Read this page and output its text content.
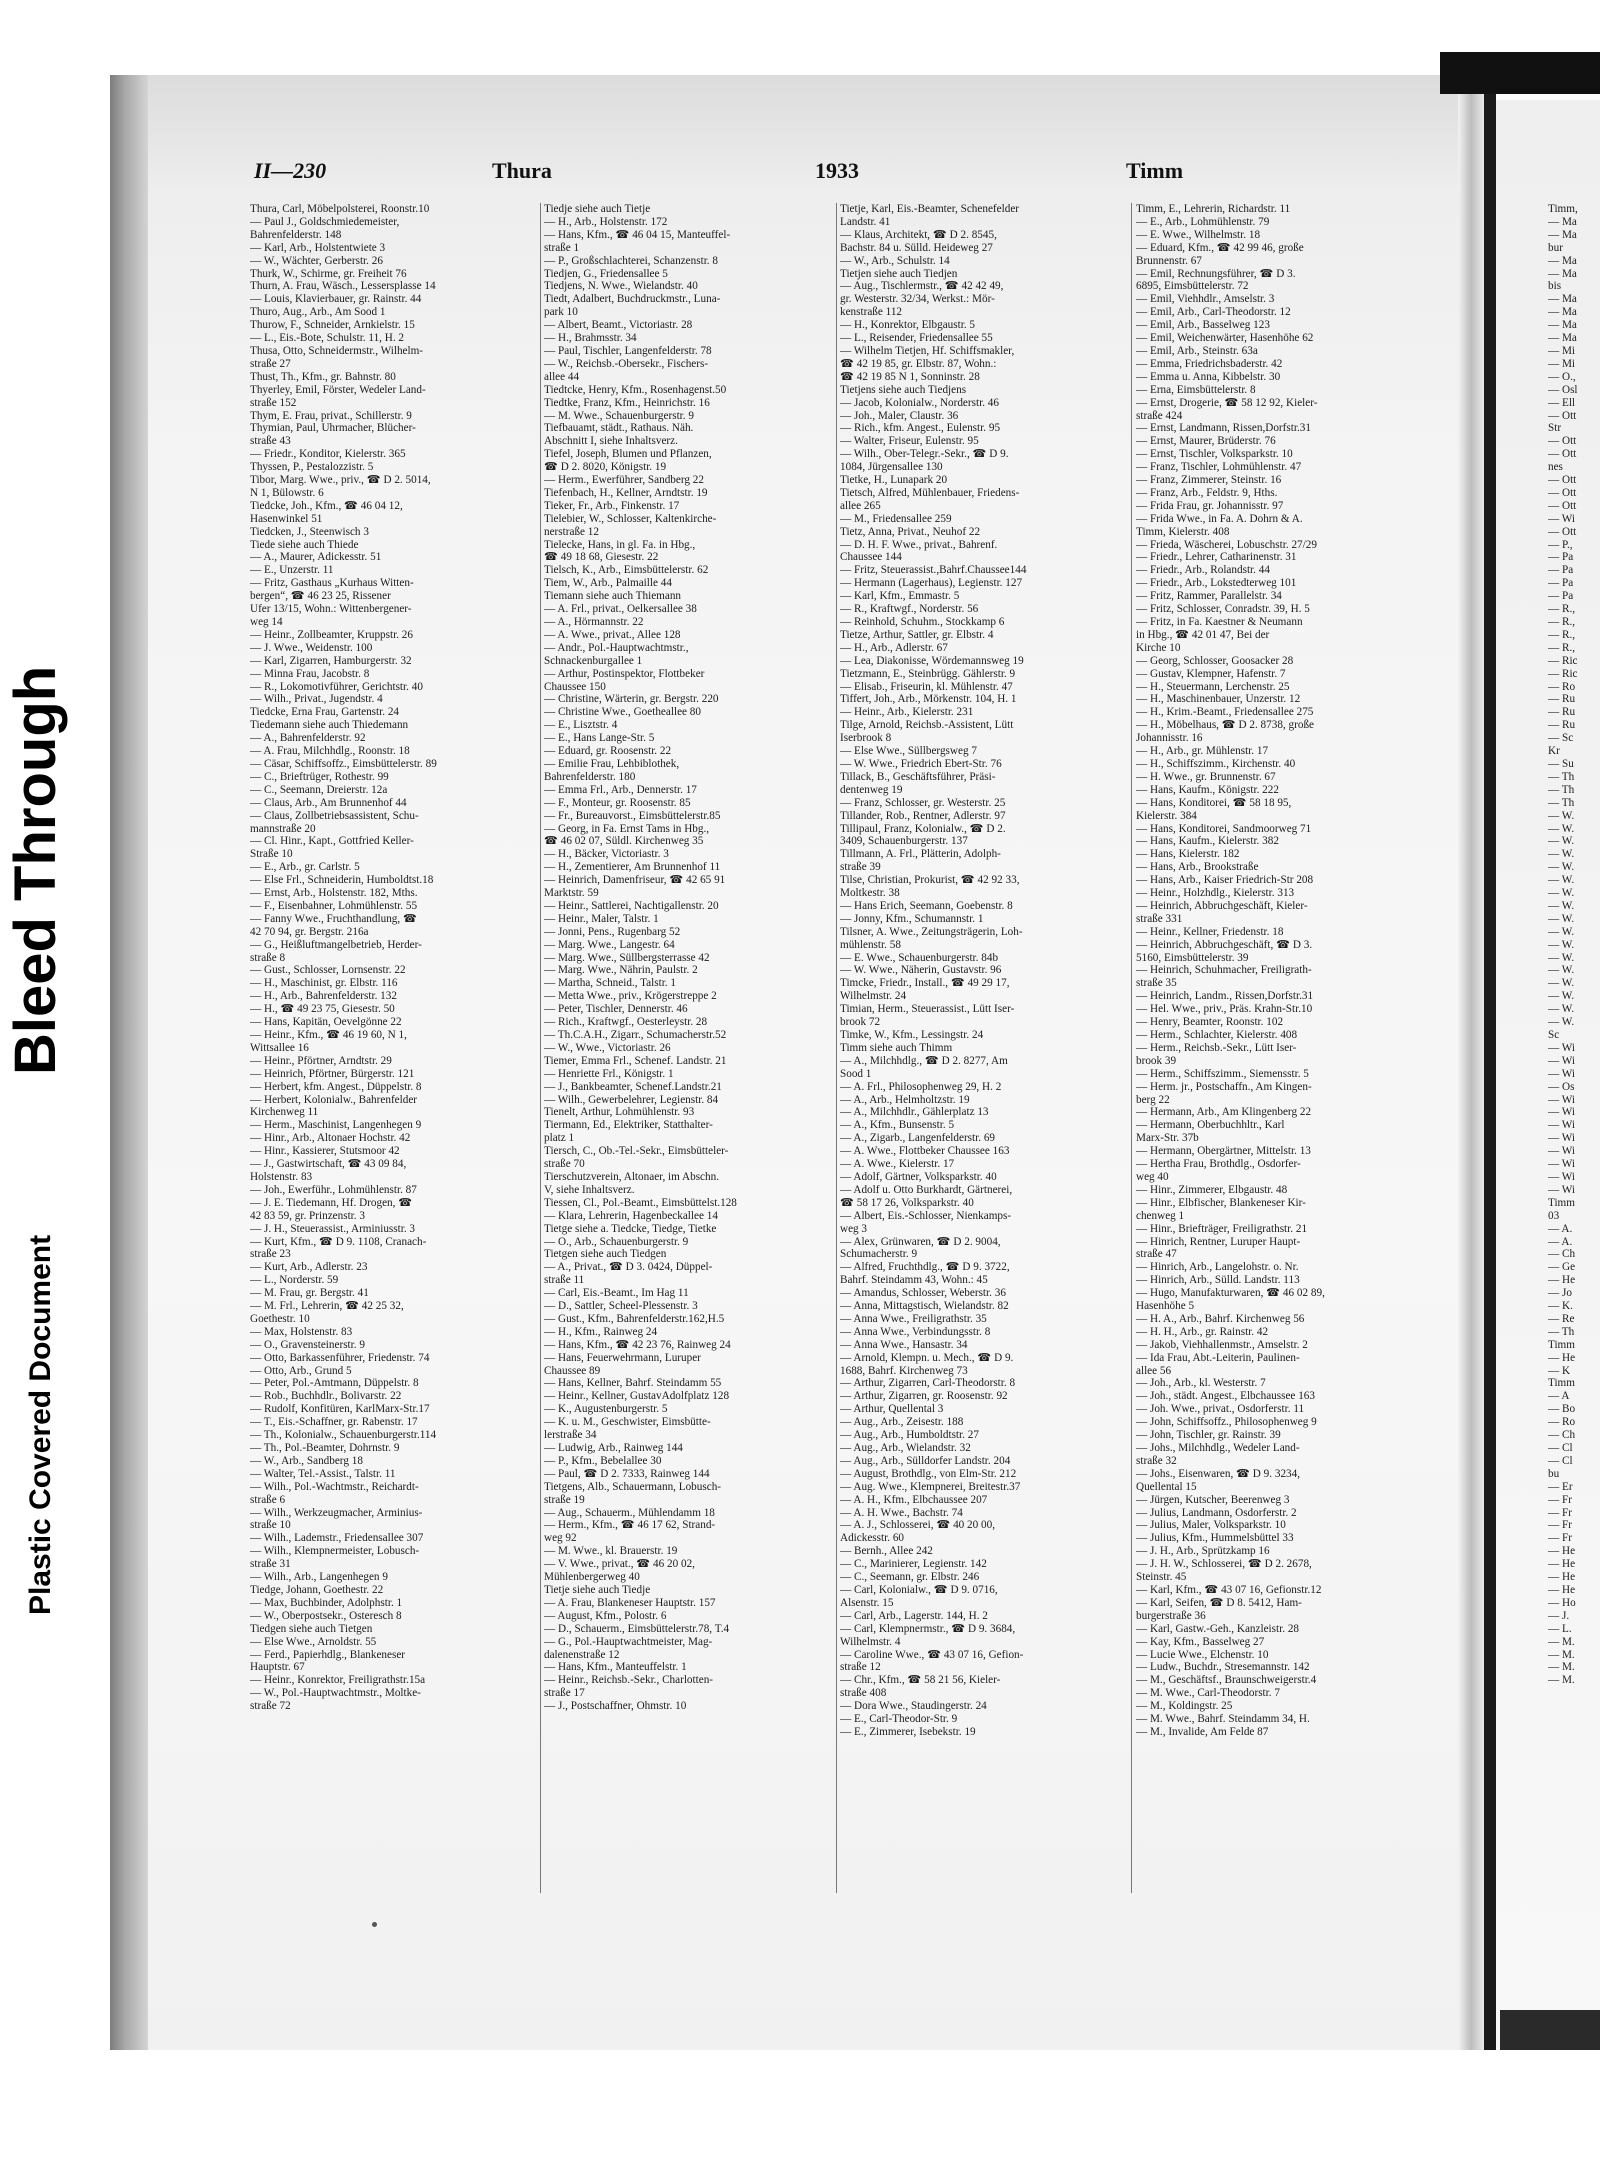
Bleed Through
Plastic Covered Document
II—230	Thura	1933	Timm
Thura, Carl, Möbelpolsterei, Roonstr.10
— Paul J., Goldschmiedemeister,
Bahrenfelderstr. 148
— Karl, Arb., Holstentwiete 3
— W., Wächter, Gerberstr. 26
Thurk, W., Schirme, gr. Freiheit 76
Thurn, A. Frau, Wäsch., Lessersplasse 14
— Louis, Klavierbauer, gr. Rainstr. 44
Thuro, Aug., Arb., Am Sood 1
Thurow, F., Schneider, Arnkielstr. 15
— L., Eis.-Bote, Schulstr. 11, H. 2
Thusa, Otto, Schneidermstr., Wilhelm-
straße 27
Thust, Th., Kfm., gr. Bahnstr. 80
Thyerley, Emil, Förster, Wedeler Land-
straße 152
Thym, E. Frau, privat., Schillerstr. 9
Thymian, Paul, Uhrmacher, Blücher-
straße 43
— Friedr., Konditor, Kielerstr. 365
Thyssen, P., Pestalozzistr. 5
Tibor, Marg. Wwe., priv., ☎ D 2. 5014,
N 1, Bülowstr. 6
Tiedcke, Joh., Kfm., ☎ 46 04 12,
Hasenwinkel 51
Tiedcken, J., Steenwisch 3
Tiede siehe auch Thiede
— A., Maurer, Adickesstr. 51
— E., Unzerstr. 11
— Fritz, Gasthaus „Kurhaus Witten-
bergen“, ☎ 46 23 25, Rissener
Ufer 13/15, Wohn.: Wittenbergener-
weg 14
— Heinr., Zollbeamter, Kruppstr. 26
— J. Wwe., Weidenstr. 100
— Karl, Zigarren, Hamburgerstr. 32
— Minna Frau, Jacobstr. 8
— R., Lokomotivführer, Gerichtstr. 40
— Wilh., Privat., Jugendstr. 4
Tiedcke, Erna Frau, Gartenstr. 24
Tiedemann siehe auch Thiedemann
— A., Bahrenfelderstr. 92
— A. Frau, Milchhdlg., Roonstr. 18
— Cäsar, Schiffsoffz., Eimsbüttelerstr. 89
— C., Brieftrüger, Rothestr. 99
— C., Seemann, Dreierstr. 12a
— Claus, Arb., Am Brunnenhof 44
— Claus, Zollbetriebsassistent, Schu-
mannstraße 20
— Cl. Hinr., Kapt., Gottfried Keller-
Straße 10
— E., Arb., gr. Carlstr. 5
— Else Frl., Schneiderin, Humboldtst.18
— Ernst, Arb., Holstenstr. 182, Mths.
— F., Eisenbahner, Lohmühlenstr. 55
— Fanny Wwe., Fruchthandlung, ☎
42 70 94, gr. Bergstr. 216a
— G., Heißluftmangelbetrieb, Herder-
straße 8
— Gust., Schlosser, Lornsenstr. 22
— H., Maschinist, gr. Elbstr. 116
— H., Arb., Bahrenfelderstr. 132
— H., ☎ 49 23 75, Giesestr. 50
— Hans, Kapitän, Oevelgönne 22
— Heinr., Kfm., ☎ 46 19 60, N 1,
Wittsallee 16
— Heinr., Pförtner, Arndtstr. 29
— Heinrich, Pförtner, Bürgerstr. 121
— Herbert, kfm. Angest., Düppelstr. 8
— Herbert, Kolonialw., Bahrenfelder
Kirchenweg 11
— Herm., Maschinist, Langenhegen 9
— Hinr., Arb., Altonaer Hochstr. 42
— Hinr., Kassierer, Stutsmoor 42
— J., Gastwirtschaft, ☎ 43 09 84,
Holstenstr. 83
— Joh., Ewerführ., Lohmühlenstr. 87
— J. E. Tiedemann, Hf. Drogen, ☎
42 83 59, gr. Prinzenstr. 3
— J. H., Steuerassist., Arminiusstr. 3
— Kurt, Kfm., ☎ D 9. 1108, Cranach-
straße 23
— Kurt, Arb., Adlerstr. 23
— L., Norderstr. 59
— M. Frau, gr. Bergstr. 41
— M. Frl., Lehrerin, ☎ 42 25 32,
Goethestr. 10
— Max, Holstenstr. 83
— O., Gravensteinerstr. 9
— Otto, Barkassenführer, Friedenstr. 74
— Otto, Arb., Grund 5
— Peter, Pol.-Amtmann, Düppelstr. 8
— Rob., Buchhdlr., Bolivarstr. 22
— Rudolf, Konfitüren, KarlMarx-Str.17
— T., Eis.-Schaffner, gr. Rabenstr. 17
— Th., Kolonialw., Schauenburgerstr.114
— Th., Pol.-Beamter, Dohrnstr. 9
— W., Arb., Sandberg 18
— Walter, Tel.-Assist., Talstr. 11
— Wilh., Pol.-Wachtmstr., Reichardt-
straße 6
— Wilh., Werkzeugmacher, Arminius-
straße 10
— Wilh., Lademstr., Friedensallee 307
— Wilh., Klempnermeister, Lobusch-
straße 31
— Wilh., Arb., Langenhegen 9
Tiedge, Johann, Goethestr. 22
— Max, Buchbinder, Adolphstr. 1
— W., Oberpostsekr., Osteresch 8
Tiedgen siehe auch Tietgen
— Else Wwe., Arnoldstr. 55
— Ferd., Papierhdlg., Blankeneser
Hauptstr. 67
— Heinr., Konrektor, Freiligrathstr.15a
— W., Pol.-Hauptwachtmstr., Moltke-
straße 72
Tiedje siehe auch Tietje
— H., Arb., Holstenstr. 172
— Hans, Kfm., ☎ 46 04 15, Manteuffel-
straße 1
— P., Großschlachterei, Schanzenstr. 8
Tiedjen, G., Friedensallee 5
Tiedjens, N. Wwe., Wielandstr. 40
Tiedt, Adalbert, Buchdruckmstr., Luna-
park 10
— Albert, Beamt., Victoriastr. 28
— H., Brahmsstr. 34
— Paul, Tischler, Langenfelderstr. 78
— W., Reichsb.-Obersekr., Fischers-
allee 44
Tiedtcke, Henry, Kfm., Rosenhagenst.50
Tiedtke, Franz, Kfm., Heinrichstr. 16
— M. Wwe., Schauenburgerstr. 9
Tiefbauamt, städt., Rathaus. Näh.
Abschnitt I, siehe Inhaltsverz.
Tiefel, Joseph, Blumen und Pflanzen,
☎ D 2. 8020, Königstr. 19
— Herm., Ewerführer, Sandberg 22
Tiefenbach, H., Kellner, Arndtstr. 19
Tieker, Fr., Arb., Finkenstr. 17
Tielebier, W., Schlosser, Kaltenkirche-
nerstraße 12
Tielecke, Hans, in gl. Fa. in Hbg.,
☎ 49 18 68, Giesestr. 22
Tielsch, K., Arb., Eimsbüttelerstr. 62
Tiem, W., Arb., Palmaille 44
Tiemann siehe auch Thiemann
— A. Frl., privat., Oelkersallee 38
— A., Hörmannstr. 22
— A. Wwe., privat., Allee 128
— Andr., Pol.-Hauptwachtmstr.,
Schnackenburgallee 1
— Arthur, Postinspektor, Flottbeker
Chaussee 150
— Christine, Wärterin, gr. Bergstr. 220
— Christine Wwe., Goetheallee 80
— E., Lisztstr. 4
— E., Hans Lange-Str. 5
— Eduard, gr. Roosenstr. 22
— Emilie Frau, Lehbiblothek,
Bahrenfelderstr. 180
— Emma Frl., Arb., Dennerstr. 17
— F., Monteur, gr. Roosenstr. 85
— Fr., Bureauvorst., Eimsbüttelerstr.85
— Georg, in Fa. Ernst Tams in Hbg.,
☎ 46 02 07, Süldl. Kirchenweg 35
— H., Bäcker, Victoriastr. 3
— H., Zementierer, Am Brunnenhof 11
— Heinrich, Damenfriseur, ☎ 42 65 91
Marktstr. 59
— Heinr., Sattlerei, Nachtigallenstr. 20
— Heinr., Maler, Talstr. 1
— Jonni, Pens., Rugenbarg 52
— Marg. Wwe., Langestr. 64
— Marg. Wwe., Süllbergsterrasse 42
— Marg. Wwe., Nährin, Paulstr. 2
— Martha, Schneid., Talstr. 1
— Metta Wwe., priv., Krögerstreppe 2
— Peter, Tischler, Dennerstr. 46
— Rich., Kraftwgf., Oesterleystr. 28
— Th.C.A.H., Zigarr., Schumacherstr.52
— W., Wwe., Victoriastr. 26
Tiemer, Emma Frl., Schenef. Landstr. 21
— Henriette Frl., Königstr. 1
— J., Bankbeamter, Schenef.Landstr.21
— Wilh., Gewerbelehrer, Legienstr. 84
Tienelt, Arthur, Lohmühlenstr. 93
Tiermann, Ed., Elektriker, Statthalter-
platz 1
Tiersch, C., Ob.-Tel.-Sekr., Eimsbütteler-
straße 70
Tierschutzverein, Altonaer, im Abschn.
V, siehe Inhaltsverz.
Tiessen, Cl., Pol.-Beamt., Eimsbüttelst.128
— Klara, Lehrerin, Hagenbeckallee 14
Tietge siehe a. Tiedcke, Tiedge, Tietke
— O., Arb., Schauenburgerstr. 9
Tietgen siehe auch Tiedgen
— A., Privat., ☎ D 3. 0424, Düppel-
straße 11
— Carl, Eis.-Beamt., Im Hag 11
— D., Sattler, Scheel-Plessenstr. 3
— Gust., Kfm., Bahrenfelderstr.162,H.5
— H., Kfm., Rainweg 24
— Hans, Kfm., ☎ 42 23 76, Rainweg 24
— Hans, Feuerwehrmann, Luruper
Chaussee 89
— Hans, Kellner, Bahrf. Steindamm 55
— Heinr., Kellner, GustavAdolfplatz 128
— K., Augustenburgerstr. 5
— K. u. M., Geschwister, Eimsbütte-
lerstraße 34
— Ludwig, Arb., Rainweg 144
— P., Kfm., Bebelallee 30
— Paul, ☎ D 2. 7333, Rainweg 144
Tietgens, Alb., Schauermann, Lobusch-
straße 19
— Aug., Schauerm., Mühlendamm 18
— Herm., Kfm., ☎ 46 17 62, Strand-
weg 92
— M. Wwe., kl. Brauerstr. 19
— V. Wwe., privat., ☎ 46 20 02,
Mühlenbergerweg 40
Tietje siehe auch Tiedje
— A. Frau, Blankeneser Hauptstr. 157
— August, Kfm., Polostr. 6
— D., Schauerm., Eimsbüttelerstr.78, T.4
— G., Pol.-Hauptwachtmeister, Mag-
dalenenstraße 12
— Hans, Kfm., Manteuffelstr. 1
— Heinr., Reichsb.-Sekr., Charlotten-
straße 17
— J., Postschaffner, Ohmstr. 10
Tietje, Karl, Eis.-Beamter, Schenefelder
Landstr. 41
— Klaus, Architekt, ☎ D 2. 8545,
Bachstr. 84 u. Sülld. Heideweg 27
— W., Arb., Schulstr. 14
Tietjen siehe auch Tiedjen
— Aug., Tischlermstr., ☎ 42 42 49,
gr. Westerstr. 32/34, Werkst.: Mör-
kenstraße 112
— H., Konrektor, Elbgaustr. 5
— L., Reisender, Friedensallee 55
— Wilhelm Tietjen, Hf. Schiffsmakler,
☎ 42 19 85, gr. Elbstr. 87, Wohn.:
☎ 42 19 85 N 1, Sonninstr. 28
Tietjens siehe auch Tiedjens
— Jacob, Kolonialw., Norderstr. 46
— Joh., Maler, Claustr. 36
— Rich., kfm. Angest., Eulenstr. 95
— Walter, Friseur, Eulenstr. 95
— Wilh., Ober-Telegr.-Sekr., ☎ D 9.
1084, Jürgensallee 130
Tietke, H., Lunapark 20
Tietsch, Alfred, Mühlenbauer, Friedens-
allee 265
— M., Friedensallee 259
Tietz, Anna, Privat., Neuhof 22
— D. H. F. Wwe., privat., Bahrenf.
Chaussee 144
— Fritz, Steuerassist.,Bahrf.Chaussee144
— Hermann (Lagerhaus), Legienstr. 127
— Karl, Kfm., Emmastr. 5
— R., Kraftwgf., Norderstr. 56
— Reinhold, Schuhm., Stockkamp 6
Tietze, Arthur, Sattler, gr. Elbstr. 4
— H., Arb., Adlerstr. 67
— Lea, Diakonisse, Wördemannsweg 19
Tietzmann, E., Steinbrügg. Gählerstr. 9
— Elisab., Friseurin, kl. Mühlenstr. 47
Tiffert, Joh., Arb., Mörkenstr. 104, H. 1
— Heinr., Arb., Kielerstr. 231
Tilge, Arnold, Reichsb.-Assistent, Lütt
Iserbrook 8
— Else Wwe., Süllbergsweg 7
— W. Wwe., Friedrich Ebert-Str. 76
Tillack, B., Geschäftsführer, Präsi-
dentenweg 19
— Franz, Schlosser, gr. Westerstr. 25
Tillander, Rob., Rentner, Adlerstr. 97
Tillipaul, Franz, Kolonialw., ☎ D 2.
3409, Schauenburgerstr. 137
Tillmann, A. Frl., Plätterin, Adolph-
straße 39
Tilse, Christian, Prokurist, ☎ 42 92 33,
Moltkestr. 38
— Hans Erich, Seemann, Goebenstr. 8
— Jonny, Kfm., Schumannstr. 1
Tilsner, A. Wwe., Zeitungsträgerin, Loh-
mühlenstr. 58
— E. Wwe., Schauenburgerstr. 84b
— W. Wwe., Näherin, Gustavstr. 96
Timcke, Friedr., Install., ☎ 49 29 17,
Wilhelmstr. 24
Timian, Herm., Steuerassist., Lütt Iser-
brook 72
Timke, W., Kfm., Lessingstr. 24
Timm siehe auch Thimm
— A., Milchhdlg., ☎ D 2. 8277, Am
Sood 1
— A. Frl., Philosophenweg 29, H. 2
— A., Arb., Helmholtzstr. 19
— A., Milchhdlr., Gählerplatz 13
— A., Kfm., Bunsenstr. 5
— A., Zigarb., Langenfelderstr. 69
— A. Wwe., Flottbeker Chaussee 163
— A. Wwe., Kielerstr. 17
— Adolf, Gärtner, Volksparkstr. 40
— Adolf u. Otto Burkhardt, Gärtnerei,
☎ 58 17 26, Volksparkstr. 40
— Albert, Eis.-Schlosser, Nienkamps-
weg 3
— Alex, Grünwaren, ☎ D 2. 9004,
Schumacherstr. 9
— Alfred, Fruchthdlg., ☎ D 9. 3722,
Bahrf. Steindamm 43, Wohn.: 45
— Amandus, Schlosser, Weberstr. 36
— Anna, Mittagstisch, Wielandstr. 82
— Anna Wwe., Freiligrathstr. 35
— Anna Wwe., Verbindungsstr. 8
— Anna Wwe., Hansastr. 34
— Arnold, Klempn. u. Mech., ☎ D 9.
1688, Bahrf. Kirchenweg 73
— Arthur, Zigarren, Carl-Theodorstr. 8
— Arthur, Zigarren, gr. Roosenstr. 92
— Arthur, Quellental 3
— Aug., Arb., Zeisestr. 188
— Aug., Arb., Humboldtstr. 27
— Aug., Arb., Wielandstr. 32
— Aug., Arb., Sülldorfer Landstr. 204
— August, Brothdlg., von Elm-Str. 212
— Aug. Wwe., Klempnerei, Breitestr.37
— A. H., Kfm., Elbchaussee 207
— A. H. Wwe., Bachstr. 74
— A. J., Schlosserei, ☎ 40 20 00,
Adickesstr. 60
— Bernh., Allee 242
— C., Marinierer, Legienstr. 142
— C., Seemann, gr. Elbstr. 246
— Carl, Kolonialw., ☎ D 9. 0716,
Alsenstr. 15
— Carl, Arb., Lagerstr. 144, H. 2
— Carl, Klempnermstr., ☎ D 9. 3684,
Wilhelmstr. 4
— Caroline Wwe., ☎ 43 07 16, Gefion-
straße 12
— Chr., Kfm., ☎ 58 21 56, Kieler-
straße 408
— Dora Wwe., Staudingerstr. 24
— E., Carl-Theodor-Str. 9
— E., Zimmerer, Isebekstr. 19
Timm, E., Lehrerin, Richardstr. 11
— E., Arb., Lohmühlenstr. 79
— E. Wwe., Wilhelmstr. 18
— Eduard, Kfm., ☎ 42 99 46, große
Brunnenstr. 67
— Emil, Rechnungsführer, ☎ D 3.
6895, Eimsbüttelerstr. 72
— Emil, Viehhdlr., Amselstr. 3
— Emil, Arb., Carl-Theodorstr. 12
— Emil, Arb., Basselweg 123
— Emil, Weichenwärter, Hasenhöhe 62
— Emil, Arb., Steinstr. 63a
— Emma, Friedrichsbaderstr. 42
— Emma u. Anna, Kibbelstr. 30
— Erna, Eimsbüttelerstr. 8
— Ernst, Drogerie, ☎ 58 12 92, Kieler-
straße 424
— Ernst, Landmann, Rissen,Dorfstr.31
— Ernst, Maurer, Brüderstr. 76
— Ernst, Tischler, Volksparkstr. 10
— Franz, Tischler, Lohmühlenstr. 47
— Franz, Zimmerer, Steinstr. 16
— Franz, Arb., Feldstr. 9, Hths.
— Frida Frau, gr. Johannisstr. 97
— Frida Wwe., in Fa. A. Dohrn & A.
Timm, Kielerstr. 408
— Frieda, Wäscherei, Lobuschstr. 27/29
— Friedr., Lehrer, Catharinenstr. 31
— Friedr., Arb., Rolandstr. 44
— Friedr., Arb., Lokstedterweg 101
— Fritz, Rammer, Parallelstr. 34
— Fritz, Schlosser, Conradstr. 39, H. 5
— Fritz, in Fa. Kaestner & Neumann
in Hbg., ☎ 42 01 47, Bei der
Kirche 10
— Georg, Schlosser, Goosacker 28
— Gustav, Klempner, Hafenstr. 7
— H., Steuermann, Lerchenstr. 25
— H., Maschinenbauer, Unzerstr. 12
— H., Krim.-Beamt., Friedensallee 275
— H., Möbelhaus, ☎ D 2. 8738, große
Johannisstr. 16
— H., Arb., gr. Mühlenstr. 17
— H., Schiffszimm., Kirchenstr. 40
— H. Wwe., gr. Brunnenstr. 67
— Hans, Kaufm., Königstr. 222
— Hans, Konditorei, ☎ 58 18 95,
Kielerstr. 384
— Hans, Konditorei, Sandmoorweg 71
— Hans, Kaufm., Kielerstr. 382
— Hans, Kielerstr. 182
— Hans, Arb., Brookstraße
— Hans, Arb., Kaiser Friedrich-Str 208
— Heinr., Holzhdlg., Kielerstr. 313
— Heinrich, Abbruchgeschäft, Kieler-
straße 331
— Heinr., Kellner, Friedenstr. 18
— Heinrich, Abbruchgeschäft, ☎ D 3.
5160, Eimsbüttelerstr. 39
— Heinrich, Schuhmacher, Freiligrath-
straße 35
— Heinrich, Landm., Rissen,Dorfstr.31
— Hel. Wwe., priv., Präs. Krahn-Str.10
— Henry, Beamter, Roonstr. 102
— Herm., Schlachter, Kielerstr. 408
— Herm., Reichsb.-Sekr., Lütt Iser-
brook 39
— Herm., Schiffszimm., Siemensstr. 5
— Herm. jr., Postschaffn., Am Kingen-
berg 22
— Hermann, Arb., Am Klingenberg 22
— Hermann, Oberbuchhltr., Karl
Marx-Str. 37b
— Hermann, Obergärtner, Mittelstr. 13
— Hertha Frau, Brothdlg., Osdorfer-
weg 40
— Hinr., Zimmerer, Elbgaustr. 48
— Hinr., Elbfischer, Blankeneser Kir-
chenweg 1
— Hinr., Briefträger, Freiligrathstr. 21
— Hinrich, Rentner, Luruper Haupt-
straße 47
— Hinrich, Arb., Langelohstr. o. Nr.
— Hinrich, Arb., Sülld. Landstr. 113
— Hugo, Manufakturwaren, ☎ 46 02 89,
Hasenhöhe 5
— H. A., Arb., Bahrf. Kirchenweg 56
— H. H., Arb., gr. Rainstr. 42
— Jakob, Viehhallenmstr., Amselstr. 2
— Ida Frau, Abt.-Leiterin, Paulinen-
allee 56
— Joh., Arb., kl. Westerstr. 7
— Joh., städt. Angest., Elbchaussee 163
— Joh. Wwe., privat., Osdorferstr. 11
— John, Schiffsoffz., Philosophenweg 9
— John, Tischler, gr. Rainstr. 39
— Johs., Milchhdlg., Wedeler Land-
straße 32
— Johs., Eisenwaren, ☎ D 9. 3234,
Quellental 15
— Jürgen, Kutscher, Beerenweg 3
— Julius, Landmann, Osdorferstr. 2
— Julius, Maler, Volksparkstr. 10
— Julius, Kfm., Hummelsbüttel 33
— J. H., Arb., Sprützkamp 16
— J. H. W., Schlosserei, ☎ D 2. 2678,
Steinstr. 45
— Karl, Kfm., ☎ 43 07 16, Gefionstr.12
— Karl, Seifen, ☎ D 8. 5412, Ham-
burgerstraße 36
— Karl, Gastw.-Geh., Kanzleistr. 28
— Kay, Kfm., Basselweg 27
— Lucie Wwe., Elchenstr. 10
— Ludw., Buchdr., Stresemannstr. 142
— M., Geschäftsf., Braunschweigerstr.4
— M. Wwe., Carl-Theodorstr. 7
— M., Koldingstr. 25
— M. Wwe., Bahrf. Steindamm 34, H.
— M., Invalide, Am Felde 87
Timm,
— Ma
— Ma
bur
— Ma
— Ma
bis
— Ma
— Ma
— Ma
— Ma
— Mi
— Mi
— O.,
— Osl
— Ell
— Ott
Str
— Ott
— Ott
nes
— Ott
— Ott
— Ott
— Wi
— Ott
— P.,
— Pa
— Pa
— Pa
— Pa
— R.,
— R.,
— R.,
— R.,
— Ric
— Ric
— Ro
— Ru
— Ru
— Ru
— Sc
Kr
— Su
— Th
— Th
— Th
— W.
— W.
— W.
— W.
— W.
— W.
— W.
— W.
— W.
— W.
— W.
— W.
— W.
— W.
— W.
— W.
— W.
Sc
— Wi
— Wi
— Wi
— Os
— Wi
— Wi
— Wi
— Wi
— Wi
— Wi
— Wi
— Wi
Timm
03
— A.
— A.
— Ch
— Ge
— He
— Jo
— K.
— Re
— Th
Timm
— He
— K
Timm
— A
— Bo
— Ro
— Ch
— Cl
— Cl
bu
— Er
— Fr
— Fr
— Fr
— Fr
— He
— He
— He
— He
— Ho
— J.
— L.
— M.
— M.
— M.
— M.
